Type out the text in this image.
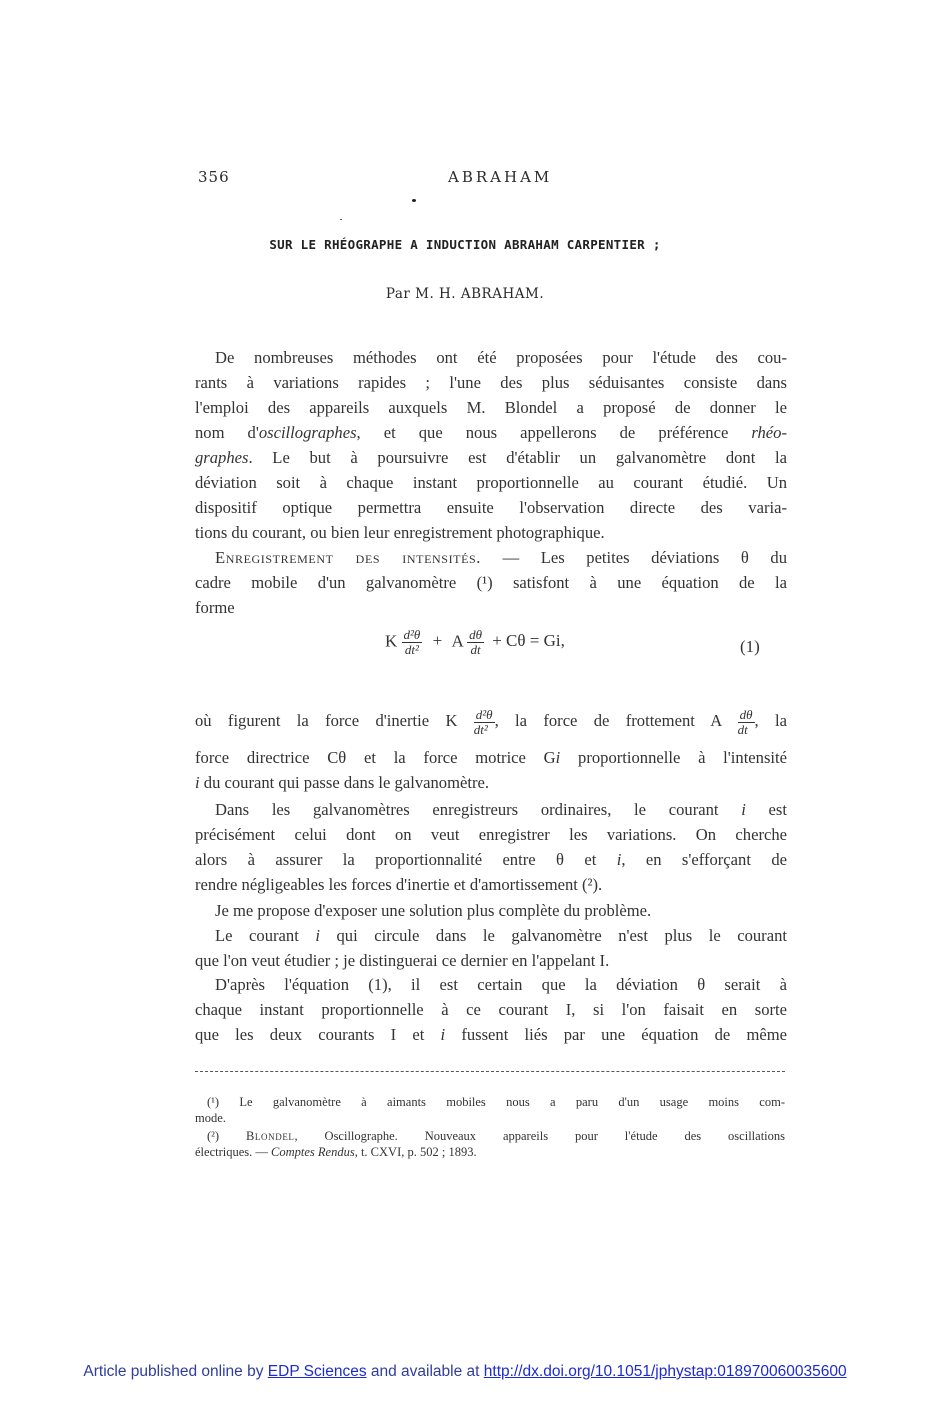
356	ABRAHAM
SUR LE RHÉOGRAPHE A INDUCTION ABRAHAM CARPENTIER ;
Par M. H. ABRAHAM.
De nombreuses méthodes ont été proposées pour l'étude des cou-
rants à variations rapides ; l'une des plus séduisantes consiste dans
l'emploi des appareils auxquels M. Blondel a proposé de donner le
nom d'oscillographes, et que nous appellerons de préférence rhéo-
graphes. Le but à poursuivre est d'établir un galvanomètre dont la
déviation soit à chaque instant proportionnelle au courant étudié. Un
dispositif optique permettra ensuite l'observation directe des varia-
tions du courant, ou bien leur enregistrement photographique.
Enregistrement des intensités. — Les petites déviations θ du
cadre mobile d'un galvanomètre (¹) satisfont à une équation de la
forme
K $\frac{\text{d²θ}}{\text{dt²}} + A \frac{d\theta}{dt} + C\theta = Gi$,	(1)
où figurent la force d'inertie K $\frac{\text{d²θ}}{\text{dt²}}$ , la force de frottement A $\frac{d\theta}{dt}$ , la
force directrice Cθ et la force motrice Gi proportionnelle à l'intensité
i du courant qui passe dans le galvanomètre.
Dans les galvanomètres enregistreurs ordinaires, le courant i est
précisément celui dont on veut enregistrer les variations. On cherche
alors à assurer la proportionnalité entre θ et i, en s'efforçant de
rendre négligeables les forces d'inertie et d'amortissement (²).
Je me propose d'exposer une solution plus complète du problème.
Le courant i qui circule dans le galvanomètre n'est plus le courant
que l'on veut étudier ; je distinguerai ce dernier en l'appelant I.
D'après l'équation (1), il est certain que la déviation θ serait à
chaque instant proportionnelle à ce courant I, si l'on faisait en sorte
que les deux courants I et i fussent liés par une équation de même
(¹) Le galvanomètre à aimants mobiles nous a paru d'un usage moins com-
mode.
(²) Blondel, Oscillographe. Nouveaux appareils pour l'étude des oscillations
électriques. — Comptes Rendus, t. CXVI, p. 502 ; 1893.
Article published online by EDP Sciences and available at http://dx.doi.org/10.1051/jphystap:018970060035600
